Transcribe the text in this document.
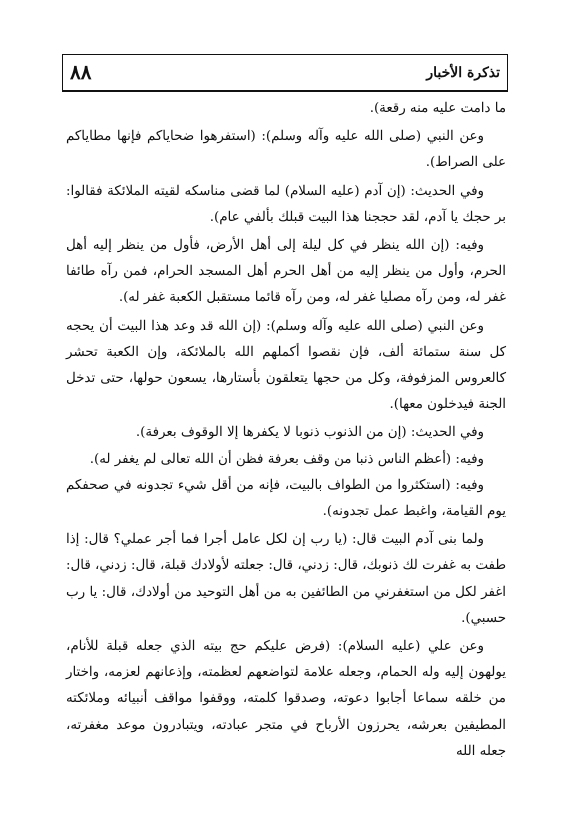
تذكرة الأخبار
٨٨

ما دامت عليه منه رقعة).

وعن النبي (صلى الله عليه وآله وسلم): (استفرهوا ضحاياكم فإنها مطاياكم على الصراط).

وفي الحديث: (إن آدم (عليه السلام) لما قضى مناسكه لقيته الملائكة فقالوا: بر حجك يا آدم، لقد حججنا هذا البيت قبلك بألفي عام).

وفيه: (إن الله ينظر في كل ليلة إلى أهل الأرض، فأول من ينظر إليه أهل الحرم، وأول من ينظر إليه من أهل الحرم أهل المسجد الحرام، فمن رآه طائفا غفر له، ومن رآه مصليا غفر له، ومن رآه قائما مستقبل الكعبة غفر له).

وعن النبي (صلى الله عليه وآله وسلم): (إن الله قد وعد هذا البيت أن يحجه كل سنة ستمائة ألف، فإن نقصوا أكملهم الله بالملائكة، وإن الكعبة تحشر كالعروس المزفوفة، وكل من حجها يتعلقون بأستارها، يسعون حولها، حتى تدخل الجنة فيدخلون معها).

وفي الحديث: (إن من الذنوب ذنوبا لا يكفرها إلا الوقوف بعرفة).

وفيه: (أعظم الناس ذنبا من وقف بعرفة فظن أن الله تعالى لم يغفر له).

وفيه: (استكثروا من الطواف بالبيت، فإنه من أقل شيء تجدونه في صحفكم يوم القيامة، واغبط عمل تجدونه).

ولما بنى آدم البيت قال: (يا رب إن لكل عامل أجرا فما أجر عملي؟ قال: إذا طفت به غفرت لك ذنوبك، قال: زدني، قال: جعلته لأولادك قبلة، قال: زدني، قال: اغفر لكل من استغفرني من الطائفين به من أهل التوحيد من أولادك، قال: يا رب حسبي).

وعن علي (عليه السلام): (فرض عليكم حج بيته الذي جعله قبلة للأنام، يولهون إليه وله الحمام، وجعله علامة لتواضعهم لعظمته، وإذعانهم لعزمه، واختار من خلقه سماعا أجابوا دعوته، وصدقوا كلمته، ووقفوا مواقف أنبيائه وملائكته المطيفين بعرشه، يحرزون الأرباح في متجر عبادته، ويتبادرون موعد مغفرته، جعله الله
